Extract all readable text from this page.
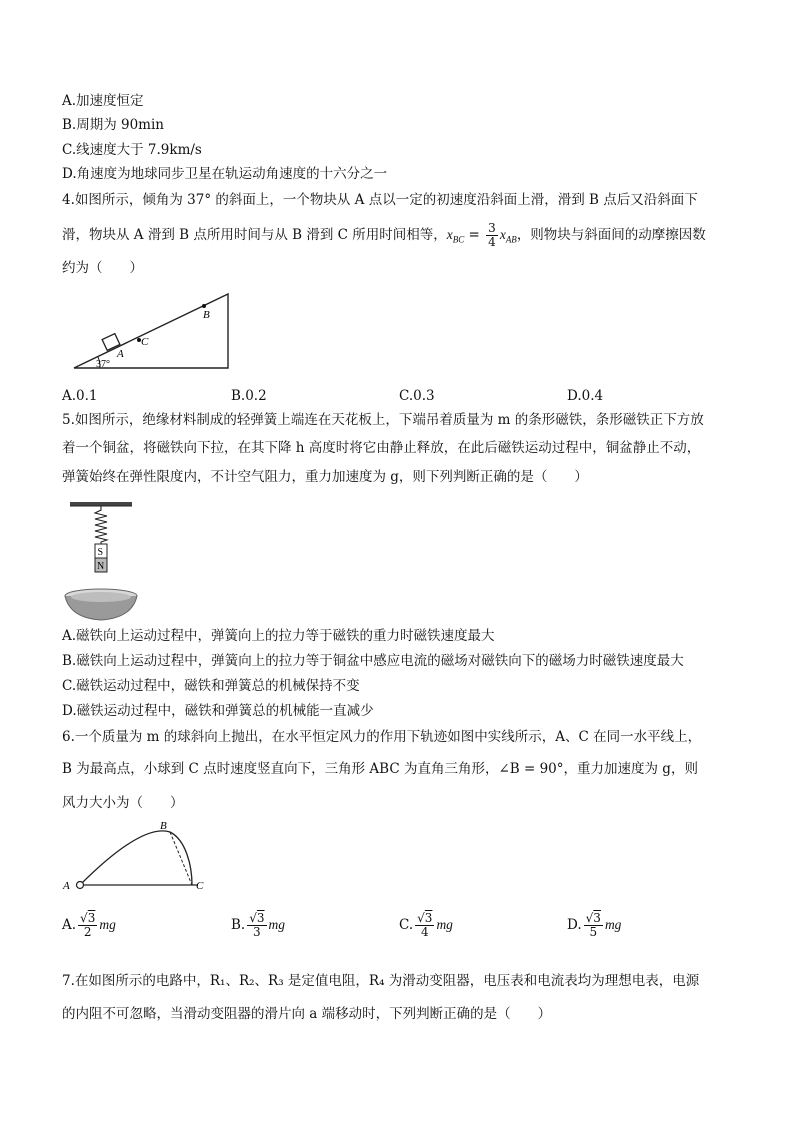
A.加速度恒定
B.周期为 90min
C.线速度大于 7.9km/s
D.角速度为地球同步卫星在轨运动角速度的十六分之一
4.如图所示，倾角为 37° 的斜面上，一个物块从 A 点以一定的初速度沿斜面上滑，滑到 B 点后又沿斜面下
滑，物块从 A 滑到 B 点所用时间与从 B 滑到 C 所用时间相等，$x_{BC} = \frac{3}{4} x_{AB}$，则物块与斜面间的动摩擦因数
约为（　　）
A
C
B
37°
A.0.1	B.0.2	C.0.3	D.0.4
5.如图所示，绝缘材料制成的轻弹簧上端连在天花板上，下端吊着质量为 m 的条形磁铁，条形磁铁正下方放
着一个铜盆，将磁铁向下拉，在其下降 h 高度时将它由静止释放，在此后磁铁运动过程中，铜盆静止不动，
弹簧始终在弹性限度内，不计空气阻力，重力加速度为 g，则下列判断正确的是（　　）
S
N
A.磁铁向上运动过程中，弹簧向上的拉力等于磁铁的重力时磁铁速度最大
B.磁铁向上运动过程中，弹簧向上的拉力等于铜盆中感应电流的磁场对磁铁向下的磁场力时磁铁速度最大
C.磁铁运动过程中，磁铁和弹簧总的机械保持不变
D.磁铁运动过程中，磁铁和弹簧总的机械能一直减少
6.一个质量为 m 的球斜向上抛出，在水平恒定风力的作用下轨迹如图中实线所示，A、C 在同一水平线上，
B 为最高点，小球到 C 点时速度竖直向下，三角形 ABC 为直角三角形，∠B = 90°，重力加速度为 g，则
风力大小为（　　）
A
B
C
A. $\frac{√3}{2}$ mg	B. $\frac{√3}{3}$ mg	C. $\frac{√3}{4}$ mg	D. $\frac{√3}{5}$ mg
7.在如图所示的电路中，R₁、R₂、R₃ 是定值电阻，R₄ 为滑动变阻器，电压表和电流表均为理想电表，电源
的内阻不可忽略，当滑动变阻器的滑片向 a 端移动时，下列判断正确的是（　　）
